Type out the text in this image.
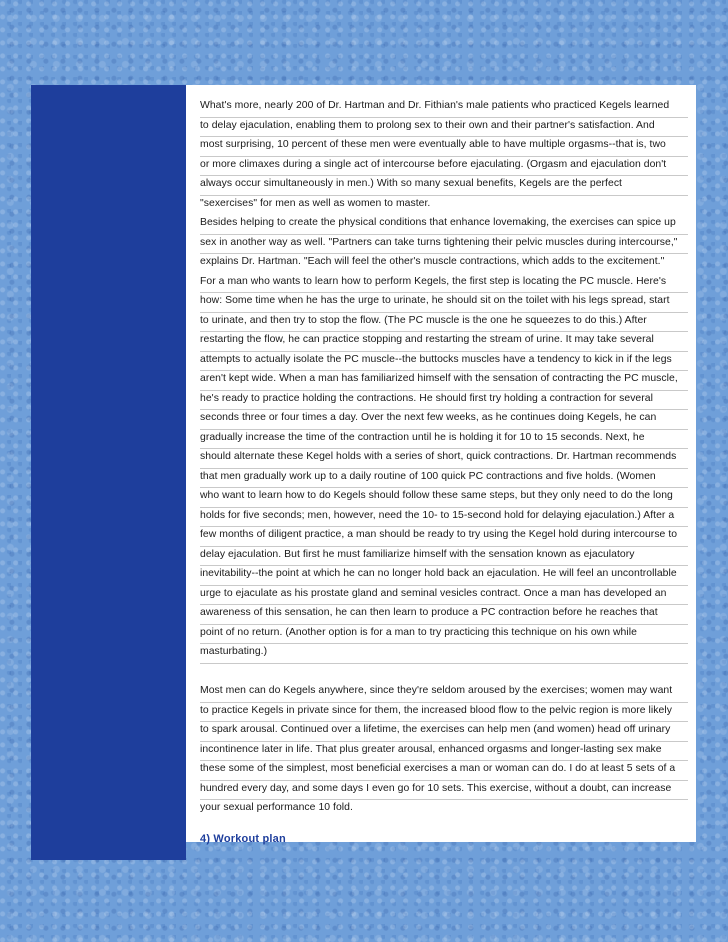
What's more, nearly 200 of Dr. Hartman and Dr. Fithian's male patients who practiced Kegels learned
to delay ejaculation, enabling them to prolong sex to their own and their partner's satisfaction. And
most surprising, 10 percent of these men were eventually able to have multiple orgasms--that is, two
or more climaxes during a single act of intercourse before ejaculating. (Orgasm and ejaculation don't
always occur simultaneously in men.) With so many sexual benefits, Kegels are the perfect
"sexercises" for men as well as women to master.
Besides helping to create the physical conditions that enhance lovemaking, the exercises can spice up
sex in another way as well. "Partners can take turns tightening their pelvic muscles during intercourse,"
explains Dr. Hartman. "Each will feel the other's muscle contractions, which adds to the excitement."
For a man who wants to learn how to perform Kegels, the first step is locating the PC muscle. Here's
how: Some time when he has the urge to urinate, he should sit on the toilet with his legs spread, start
to urinate, and then try to stop the flow. (The PC muscle is the one he squeezes to do this.) After
restarting the flow, he can practice stopping and restarting the stream of urine. It may take several
attempts to actually isolate the PC muscle--the buttocks muscles have a tendency to kick in if the legs
aren't kept wide. When a man has familiarized himself with the sensation of contracting the PC muscle,
he's ready to practice holding the contractions. He should first try holding a contraction for several
seconds three or four times a day. Over the next few weeks, as he continues doing Kegels, he can
gradually increase the time of the contraction until he is holding it for 10 to 15 seconds. Next, he
should alternate these Kegel holds with a series of short, quick contractions. Dr. Hartman recommends
that men gradually work up to a daily routine of 100 quick PC contractions and five holds. (Women
who want to learn how to do Kegels should follow these same steps, but they only need to do the long
holds for five seconds; men, however, need the 10- to 15-second hold for delaying ejaculation.) After a
few months of diligent practice, a man should be ready to try using the Kegel hold during intercourse to
delay ejaculation. But first he must familiarize himself with the sensation known as ejaculatory
inevitability--the point at which he can no longer hold back an ejaculation. He will feel an uncontrollable
urge to ejaculate as his prostate gland and seminal vesicles contract. Once a man has developed an
awareness of this sensation, he can then learn to produce a PC contraction before he reaches that
point of no return. (Another option is for a man to try practicing this technique on his own while
masturbating.)
Most men can do Kegels anywhere, since they're seldom aroused by the exercises; women may want
to practice Kegels in private since for them, the increased blood flow to the pelvic region is more likely
to spark arousal. Continued over a lifetime, the exercises can help men (and women) head off urinary
incontinence later in life. That plus greater arousal, enhanced orgasms and longer-lasting sex make
these some of the simplest, most beneficial exercises a man or woman can do. I do at least 5 sets of a
hundred every day, and some days I even go for 10 sets. This exercise, without a doubt, can increase
your sexual performance 10 fold.
4) Workout plan
